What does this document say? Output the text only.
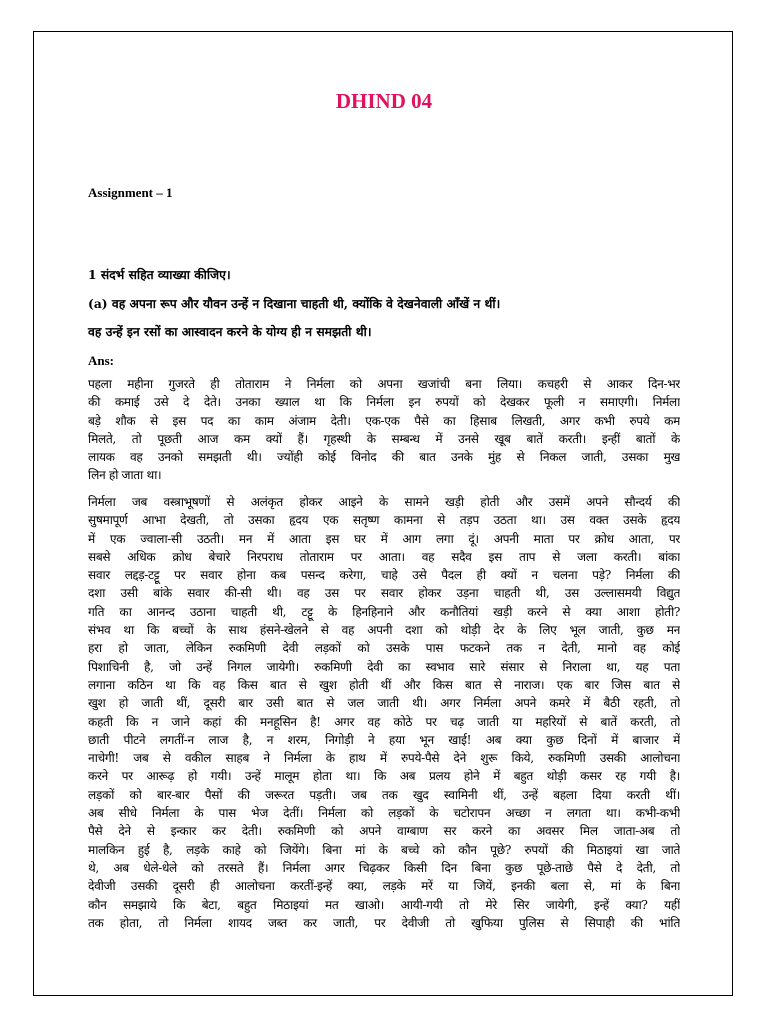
DHIND 04

Assignment – 1

1 संदर्भ सहित व्याख्या कीजिए।

(a) वह अपना रूप और यौवन उन्हें न दिखाना चाहती थी, क्योंकि वे देखनेवाली आँखें न थीं।

वह उन्हें इन रसों का आस्वादन करने के योग्य ही न समझती थी।

Ans:

पहला महीना गुजरते ही तोताराम ने निर्मला को अपना खजांची बना लिया। कचहरी से आकर दिन-भर
की कमाई उसे दे देते। उनका ख्याल था कि निर्मला इन रुपयों को देखकर फूली न समाएगी। निर्मला
बड़े शौक से इस पद का काम अंजाम देती। एक-एक पैसे का हिसाब लिखती, अगर कभी रुपये कम
मिलते, तो पूछती आज कम क्यों हैं। गृहस्थी के सम्बन्ध में उनसे खूब बातें करती। इन्हीं बातों के
लायक वह उनको समझती थी। ज्योंही कोई विनोद की बात उनके मुंह से निकल जाती, उसका मुख
लिन हो जाता था।
निर्मला जब वस्त्राभूषणों से अलंकृत होकर आइने के सामने खड़ी होती और उसमें अपने सौन्दर्य की
सुषमापूर्ण आभा देखती, तो उसका हृदय एक सतृष्ण कामना से तड़प उठता था। उस वक्त उसके हृदय
में एक ज्वाला-सी उठती। मन में आता इस घर में आग लगा दूं। अपनी माता पर क्रोध आता, पर
सबसे अधिक क्रोध बेचारे निरपराध तोताराम पर आता। वह सदैव इस ताप से जला करती। बांका
सवार लद्दड़-टट्टू पर सवार होना कब पसन्द करेगा, चाहे उसे पैदल ही क्यों न चलना पड़े? निर्मला की
दशा उसी बांके सवार की-सी थी। वह उस पर सवार होकर उड़ना चाहती थी, उस उल्लासमयी विद्युत
गति का आनन्द उठाना चाहती थी, टट्टू के हिनहिनाने और कनौतियां खड़ी करने से क्या आशा होती?
संभव था कि बच्चों के साथ हंसने-खेलने से वह अपनी दशा को थोड़ी देर के लिए भूल जाती, कुछ मन
हरा हो जाता, लेकिन रुकमिणी देवी लड़कों को उसके पास फटकने तक न देती, मानो वह कोई
पिशाचिनी है, जो उन्हें निगल जायेगी। रुकमिणी देवी का स्वभाव सारे संसार से निराला था, यह पता
लगाना कठिन था कि वह किस बात से खुश होती थीं और किस बात से नाराज। एक बार जिस बात से
खुश हो जाती थीं, दूसरी बार उसी बात से जल जाती थी। अगर निर्मला अपने कमरे में बैठी रहती, तो
कहती कि न जाने कहां की मनहूसिन है! अगर वह कोठे पर चढ़ जाती या महरियों से बातें करती, तो
छाती पीटने लगतीं-न लाज है, न शरम, निगोड़ी ने हया भून खाई! अब क्या कुछ दिनों में बाजार में
नाचेगी! जब से वकील साहब ने निर्मला के हाथ में रुपये-पैसे देने शुरू किये, रुकमिणी उसकी आलोचना
करने पर आरूढ़ हो गयी। उन्हें मालूम होता था। कि अब प्रलय होने में बहुत थोड़ी कसर रह गयी है।
लड़कों को बार-बार पैसों की जरूरत पड़ती। जब तक खुद स्वामिनी थीं, उन्हें बहला दिया करती थीं।
अब सीधे निर्मला के पास भेज देतीं। निर्मला को लड़कों के चटोरापन अच्छा न लगता था। कभी-कभी
पैसे देने से इन्कार कर देती। रुकमिणी को अपने वाग्बाण सर करने का अवसर मिल जाता-अब तो
मालकिन हुई है, लड़के काहे को जियेंगे। बिना मां के बच्चे को कौन पूछे? रुपयों की मिठाइयां खा जाते
थे, अब धेले-धेले को तरसते हैं। निर्मला अगर चिढ़कर किसी दिन बिना कुछ पूछे-ताछे पैसे दे देती, तो
देवीजी उसकी दूसरी ही आलोचना करतीं-इन्हें क्या, लड़के मरें या जियें, इनकी बला से, मां के बिना
कौन समझाये कि बेटा, बहुत मिठाइयां मत खाओ। आयी-गयी तो मेरे सिर जायेगी, इन्हें क्या? यहीं
तक होता, तो निर्मला शायद जब्त कर जाती, पर देवीजी तो खुफिया पुलिस से सिपाही की भांति
